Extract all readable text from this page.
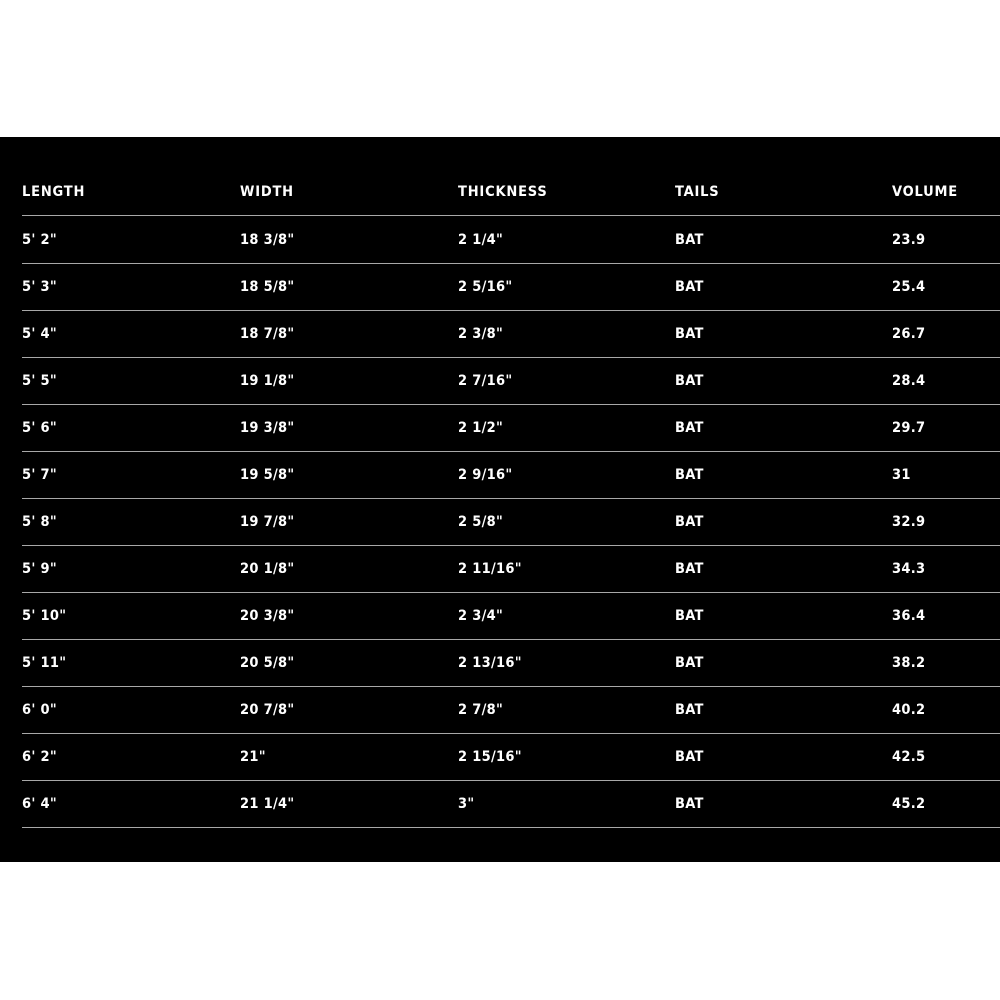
LENGTH	WIDTH	THICKNESS	TAILS	VOLUME
5' 2"	18 3/8"	2 1/4"	BAT	23.9
5' 3"	18 5/8"	2 5/16"	BAT	25.4
5' 4"	18 7/8"	2 3/8"	BAT	26.7
5' 5"	19 1/8"	2 7/16"	BAT	28.4
5' 6"	19 3/8"	2 1/2"	BAT	29.7
5' 7"	19 5/8"	2 9/16"	BAT	31
5' 8"	19 7/8"	2 5/8"	BAT	32.9
5' 9"	20 1/8"	2 11/16"	BAT	34.3
5' 10"	20 3/8"	2 3/4"	BAT	36.4
5' 11"	20 5/8"	2 13/16"	BAT	38.2
6' 0"	20 7/8"	2 7/8"	BAT	40.2
6' 2"	21"	2 15/16"	BAT	42.5
6' 4"	21 1/4"	3"	BAT	45.2
